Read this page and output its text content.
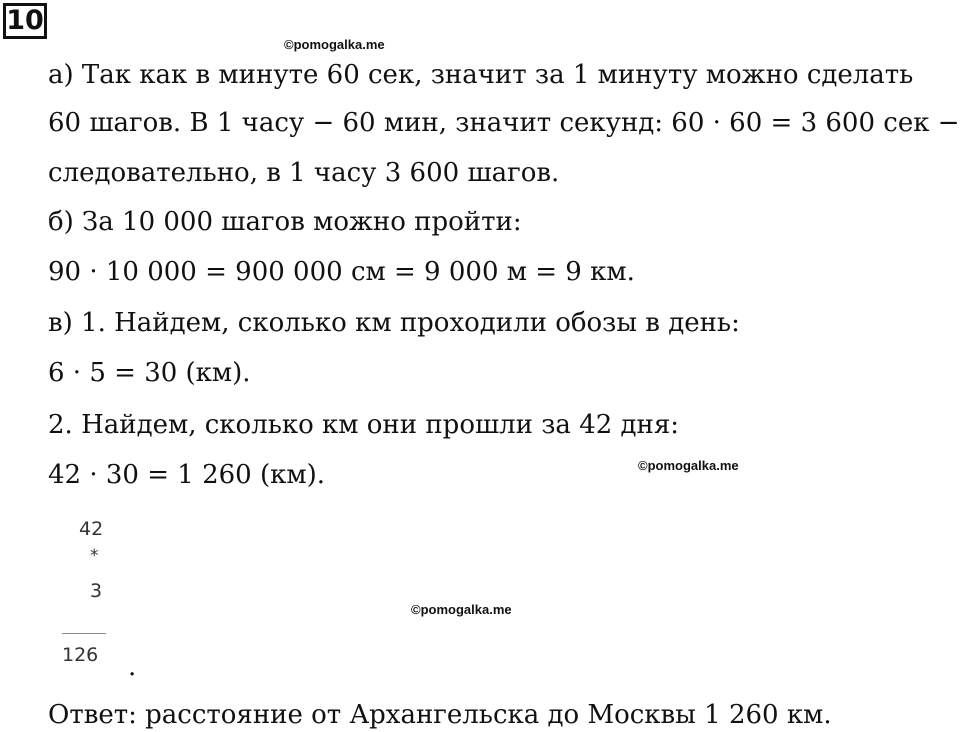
10
©pomogalka.me
а) Так как в минуте 60 сек, значит за 1 минуту можно сделать
60 шагов. В 1 часу − 60 мин, значит секунд: 60 · 60 = 3 600 сек −
следовательно, в 1 часу 3 600 шагов.
б) За 10 000 шагов можно пройти:
90 · 10 000 = 900 000 см = 9 000 м = 9 км.
в) 1. Найдем, сколько км проходили обозы в день:
6 · 5 = 30 (км).
2. Найдем, сколько км они прошли за 42 дня:
42 · 30 = 1 260 (км).	©pomogalka.me
42
*
3
126 .
©pomogalka.me
Ответ: расстояние от Архангельска до Москвы 1 260 км.
